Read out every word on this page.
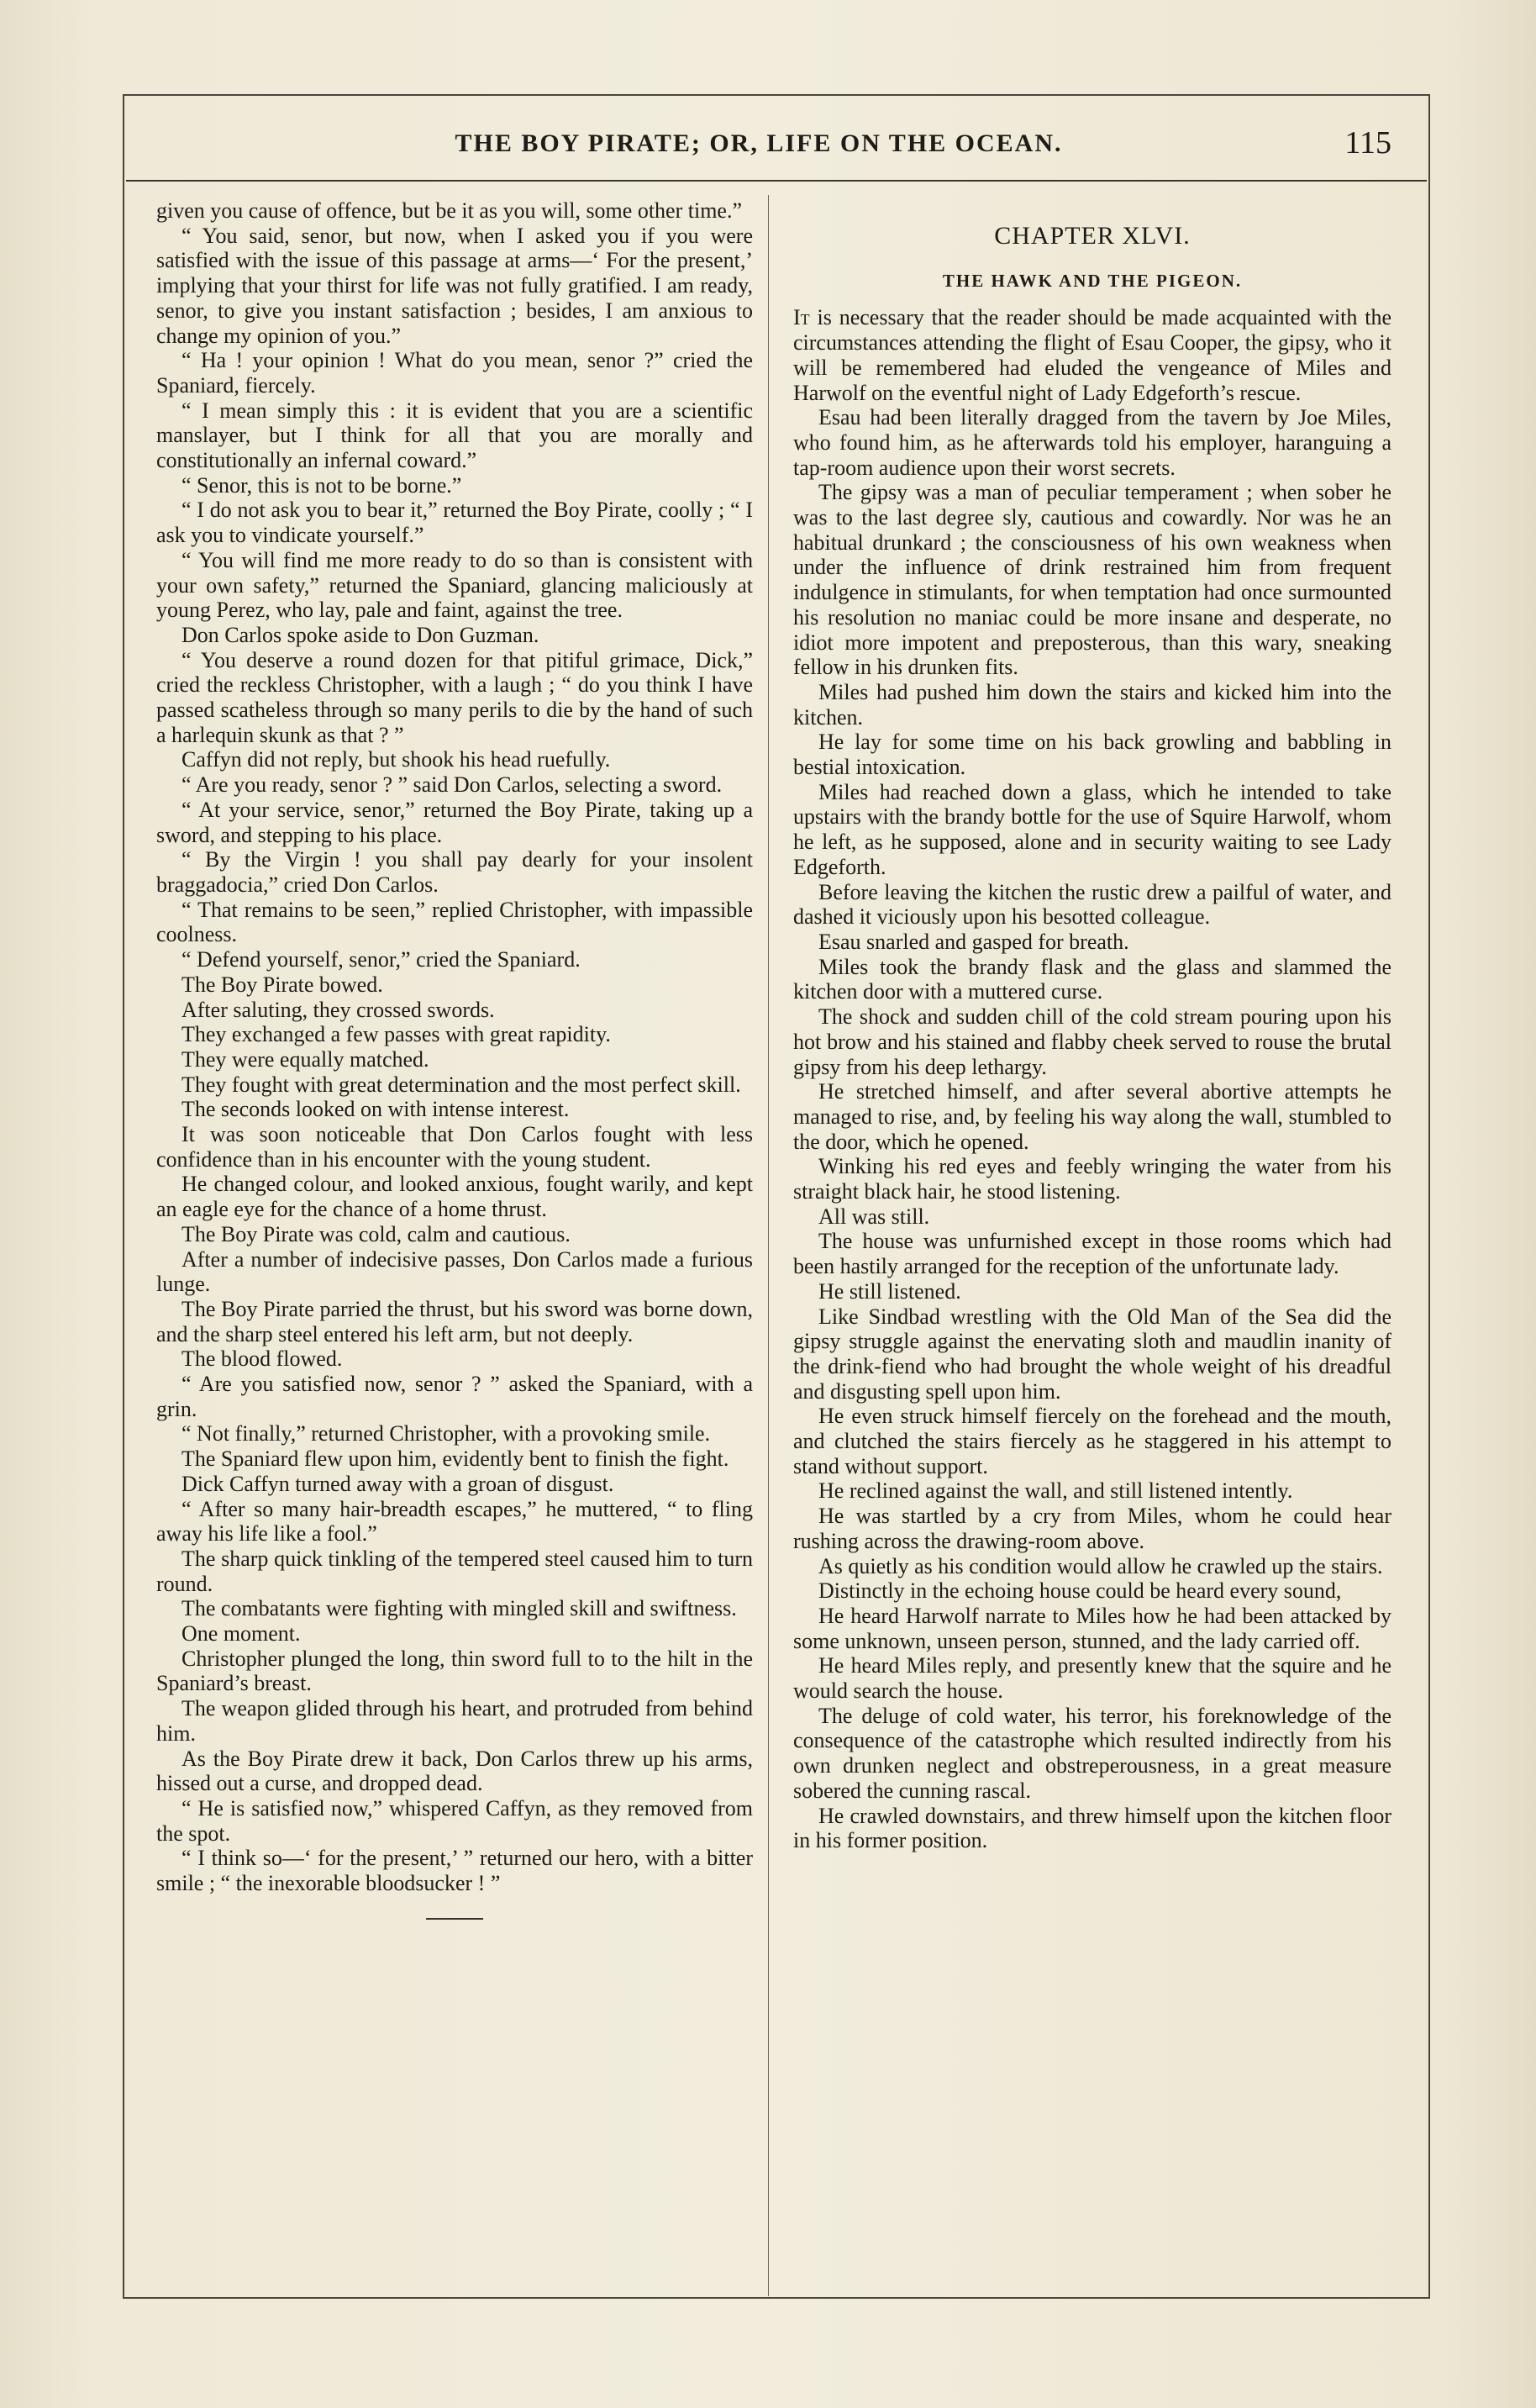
THE BOY PIRATE; OR, LIFE ON THE OCEAN.	115

given you cause of offence, but be it as you will, some other time.”

“ You said, senor, but now, when I asked you if you were satisfied with the issue of this passage at arms—‘ For the present,’ implying that your thirst for life was not fully gratified. I am ready, senor, to give you instant satisfaction ; besides, I am anxious to change my opinion of you.”

“ Ha ! your opinion ! What do you mean, senor ?” cried the Spaniard, fiercely.

“ I mean simply this : it is evident that you are a scientific manslayer, but I think for all that you are morally and constitutionally an infernal coward.”

“ Senor, this is not to be borne.”

“ I do not ask you to bear it,” returned the Boy Pirate, coolly ; “ I ask you to vindicate yourself.”

“ You will find me more ready to do so than is consistent with your own safety,” returned the Spaniard, glancing maliciously at young Perez, who lay, pale and faint, against the tree.

Don Carlos spoke aside to Don Guzman.

“ You deserve a round dozen for that pitiful grimace, Dick,” cried the reckless Christopher, with a laugh ; “ do you think I have passed scatheless through so many perils to die by the hand of such a harlequin skunk as that ? ”

Caffyn did not reply, but shook his head ruefully.

“ Are you ready, senor ? ” said Don Carlos, selecting a sword.

“ At your service, senor,” returned the Boy Pirate, taking up a sword, and stepping to his place.

“ By the Virgin ! you shall pay dearly for your insolent braggadocia,” cried Don Carlos.

“ That remains to be seen,” replied Christopher, with impassible coolness.

“ Defend yourself, senor,” cried the Spaniard.

The Boy Pirate bowed.

After saluting, they crossed swords.

They exchanged a few passes with great rapidity.

They were equally matched.

They fought with great determination and the most perfect skill.

The seconds looked on with intense interest.

It was soon noticeable that Don Carlos fought with less confidence than in his encounter with the young student.

He changed colour, and looked anxious, fought warily, and kept an eagle eye for the chance of a home thrust.

The Boy Pirate was cold, calm and cautious.

After a number of indecisive passes, Don Carlos made a furious lunge.

The Boy Pirate parried the thrust, but his sword was borne down, and the sharp steel entered his left arm, but not deeply.

The blood flowed.

“ Are you satisfied now, senor ? ” asked the Spaniard, with a grin.

“ Not finally,” returned Christopher, with a provoking smile.

The Spaniard flew upon him, evidently bent to finish the fight.

Dick Caffyn turned away with a groan of disgust.

“ After so many hair-breadth escapes,” he muttered, “ to fling away his life like a fool.”

The sharp quick tinkling of the tempered steel caused him to turn round.

The combatants were fighting with mingled skill and swiftness.

One moment.

Christopher plunged the long, thin sword full to to the hilt in the Spaniard’s breast.

The weapon glided through his heart, and protruded from behind him.

As the Boy Pirate drew it back, Don Carlos threw up his arms, hissed out a curse, and dropped dead.

“ He is satisfied now,” whispered Caffyn, as they removed from the spot.

“ I think so—‘ for the present,’ ” returned our hero, with a bitter smile ; “ the inexorable bloodsucker ! ”

CHAPTER XLVI.
THE HAWK AND THE PIGEON.

It is necessary that the reader should be made acquainted with the circumstances attending the flight of Esau Cooper, the gipsy, who it will be remembered had eluded the vengeance of Miles and Harwolf on the eventful night of Lady Edgeforth’s rescue.

Esau had been literally dragged from the tavern by Joe Miles, who found him, as he afterwards told his employer, haranguing a tap-room audience upon their worst secrets.

The gipsy was a man of peculiar temperament ; when sober he was to the last degree sly, cautious and cowardly. Nor was he an habitual drunkard ; the consciousness of his own weakness when under the influence of drink restrained him from frequent indulgence in stimulants, for when temptation had once surmounted his resolution no maniac could be more insane and desperate, no idiot more impotent and preposterous, than this wary, sneaking fellow in his drunken fits.

Miles had pushed him down the stairs and kicked him into the kitchen.

He lay for some time on his back growling and babbling in bestial intoxication.

Miles had reached down a glass, which he intended to take upstairs with the brandy bottle for the use of Squire Harwolf, whom he left, as he supposed, alone and in security waiting to see Lady Edgeforth.

Before leaving the kitchen the rustic drew a pailful of water, and dashed it viciously upon his besotted colleague.

Esau snarled and gasped for breath.

Miles took the brandy flask and the glass and slammed the kitchen door with a muttered curse.

The shock and sudden chill of the cold stream pouring upon his hot brow and his stained and flabby cheek served to rouse the brutal gipsy from his deep lethargy.

He stretched himself, and after several abortive attempts he managed to rise, and, by feeling his way along the wall, stumbled to the door, which he opened.

Winking his red eyes and feebly wringing the water from his straight black hair, he stood listening.

All was still.

The house was unfurnished except in those rooms which had been hastily arranged for the reception of the unfortunate lady.

He still listened.

Like Sindbad wrestling with the Old Man of the Sea did the gipsy struggle against the enervating sloth and maudlin inanity of the drink-fiend who had brought the whole weight of his dreadful and disgusting spell upon him.

He even struck himself fiercely on the forehead and the mouth, and clutched the stairs fiercely as he staggered in his attempt to stand without support.

He reclined against the wall, and still listened intently.

He was startled by a cry from Miles, whom he could hear rushing across the drawing-room above.

As quietly as his condition would allow he crawled up the stairs.

Distinctly in the echoing house could be heard every sound,

He heard Harwolf narrate to Miles how he had been attacked by some unknown, unseen person, stunned, and the lady carried off.

He heard Miles reply, and presently knew that the squire and he would search the house.

The deluge of cold water, his terror, his foreknowledge of the consequence of the catastrophe which resulted indirectly from his own drunken neglect and obstreperousness, in a great measure sobered the cunning rascal.

He crawled downstairs, and threw himself upon the kitchen floor in his former position.
